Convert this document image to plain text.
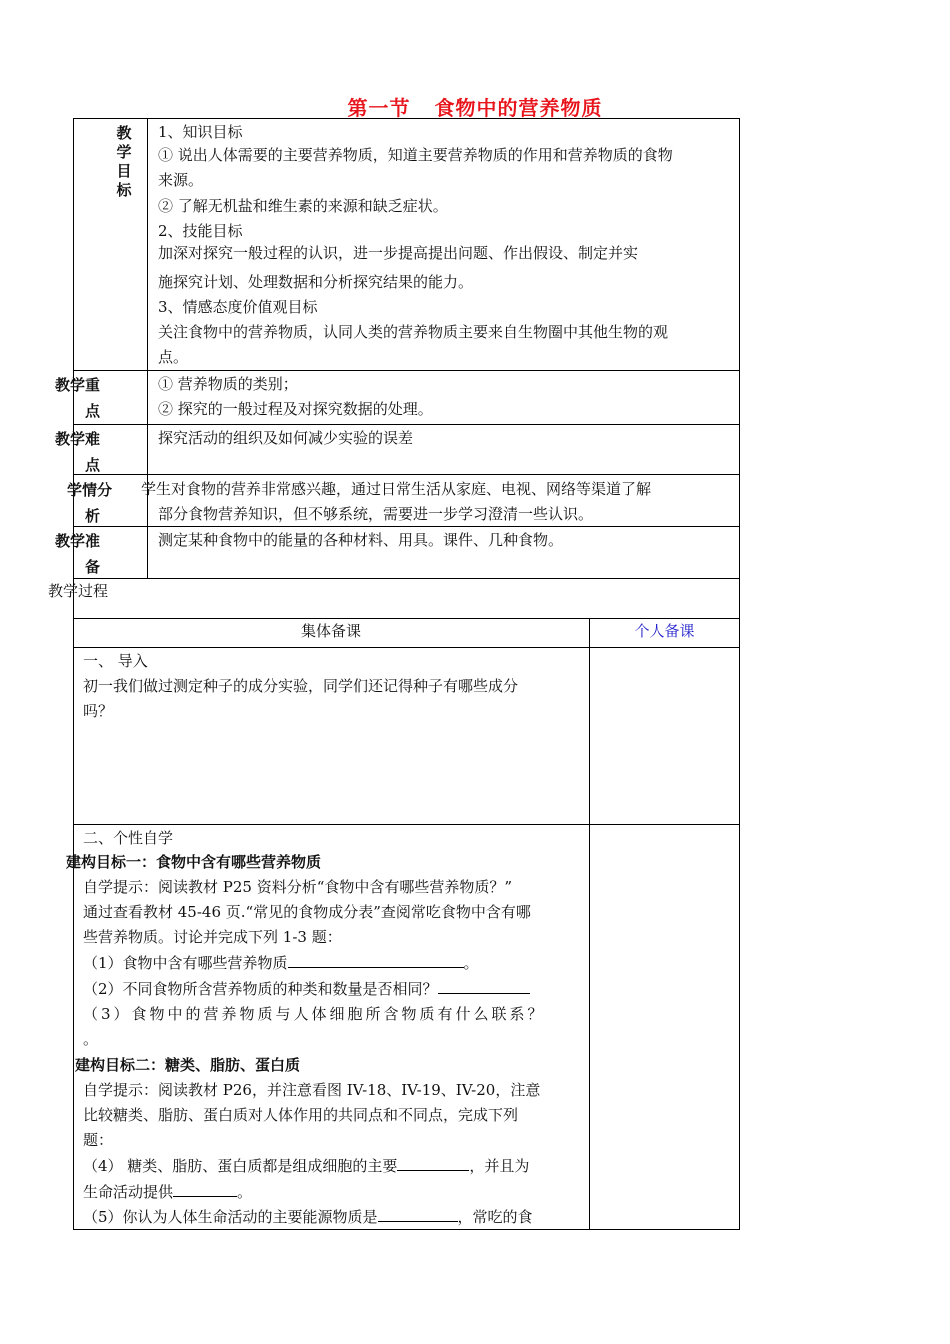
第一节 食物中的营养物质
教学目标
1、知识目标
① 说出人体需要的主要营养物质，知道主要营养物质的作用和营养物质的食物
来源。
② 了解无机盐和维生素的来源和缺乏症状。
2、技能目标
加深对探究一般过程的认识，进一步提高提出问题、作出假设、制定并实
施探究计划、处理数据和分析探究结果的能力。
3、情感态度价值观目标
关注食物中的营养物质，认同人类的营养物质主要来自生物圈中其他生物的观
点。
教学重
点
① 营养物质的类别；
② 探究的一般过程及对探究数据的处理。
教学难
点
探究活动的组织及如何减少实验的误差
学情分
析
学生对食物的营养非常感兴趣，通过日常生活从家庭、电视、网络等渠道了解
部分食物营养知识，但不够系统，需要进一步学习澄清一些认识。
教学准
备
测定某种食物中的能量的各种材料、用具。课件、几种食物。
教学过程
集体备课	个人备课
一、 导入
初一我们做过测定种子的成分实验，同学们还记得种子有哪些成分
吗？
二、个性自学
建构目标一：食物中含有哪些营养物质
自学提示：阅读教材 P25 资料分析“食物中含有哪些营养物质？”
通过查看教材 45-46 页.“常见的食物成分表”查阅常吃食物中含有哪
些营养物质。讨论并完成下列 1-3 题：
（1）食物中含有哪些营养物质	。
（2）不同食物所含营养物质的种类和数量是否相同？
（3）食物中的营养物质与人体细胞所含物质有什么联系？
。
建构目标二：糖类、脂肪、蛋白质
自学提示：阅读教材 P26，并注意看图 IV-18、IV-19、IV-20，注意
比较糖类、脂肪、蛋白质对人体作用的共同点和不同点，完成下列
题：
（4） 糖类、脂肪、蛋白质都是组成细胞的主要	，并且为
生命活动提供	。
（5）你认为人体生命活动的主要能源物质是	，常吃的食
